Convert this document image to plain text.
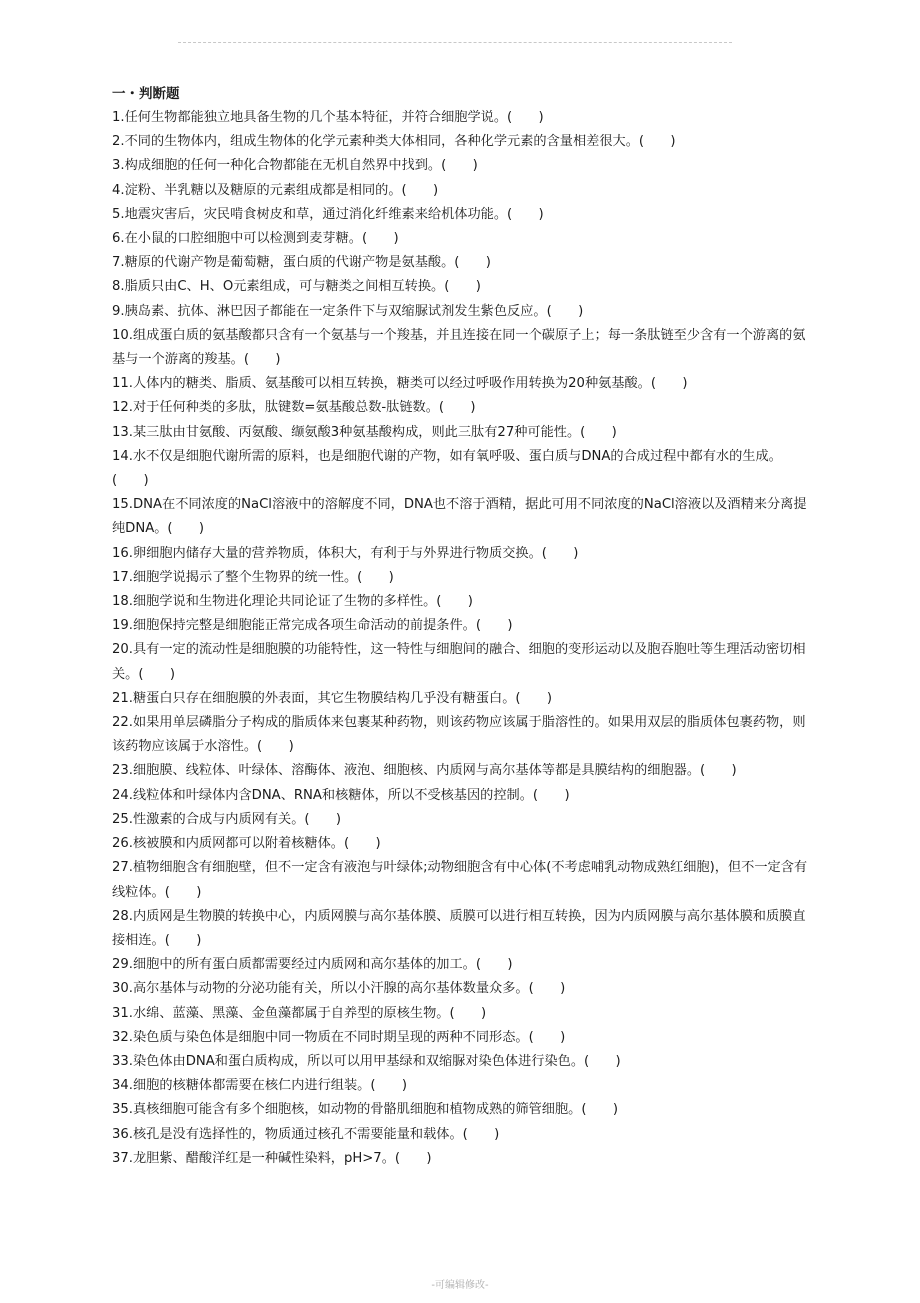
一・判断题

1.任何生物都能独立地具备生物的几个基本特征，并符合细胞学说。(　　)

2.不同的生物体内，组成生物体的化学元素种类大体相同，各种化学元素的含量相差很大。(　　)

3.构成细胞的任何一种化合物都能在无机自然界中找到。(　　)

4.淀粉、半乳糖以及糖原的元素组成都是相同的。(　　)

5.地震灾害后，灾民啃食树皮和草，通过消化纤维素来给机体功能。(　　)

6.在小鼠的口腔细胞中可以检测到麦芽糖。(　　)

7.糖原的代谢产物是葡萄糖，蛋白质的代谢产物是氨基酸。(　　)

8.脂质只由C、H、O元素组成，可与糖类之间相互转换。(　　)

9.胰岛素、抗体、淋巴因子都能在一定条件下与双缩脲试剂发生紫色反应。(　　)

10.组成蛋白质的氨基酸都只含有一个氨基与一个羧基，并且连接在同一个碳原子上；每一条肽链至少含有一个游离的氨基与一个游离的羧基。(　　)

11.人体内的糖类、脂质、氨基酸可以相互转换，糖类可以经过呼吸作用转换为20种氨基酸。(　　)

12.对于任何种类的多肽，肽键数=氨基酸总数-肽链数。(　　)

13.某三肽由甘氨酸、丙氨酸、缬氨酸3种氨基酸构成，则此三肽有27种可能性。(　　)

14.水不仅是细胞代谢所需的原料，也是细胞代谢的产物，如有氧呼吸、蛋白质与DNA的合成过程中都有水的生成。(　　)

15.DNA在不同浓度的NaCl溶液中的溶解度不同，DNA也不溶于酒精，据此可用不同浓度的NaCl溶液以及酒精来分离提纯DNA。(　　)

16.卵细胞内储存大量的营养物质，体积大，有利于与外界进行物质交换。(　　)

17.细胞学说揭示了整个生物界的统一性。(　　)

18.细胞学说和生物进化理论共同论证了生物的多样性。(　　)

19.细胞保持完整是细胞能正常完成各项生命活动的前提条件。(　　)

20.具有一定的流动性是细胞膜的功能特性，这一特性与细胞间的融合、细胞的变形运动以及胞吞胞吐等生理活动密切相关。(　　)

21.糖蛋白只存在细胞膜的外表面，其它生物膜结构几乎没有糖蛋白。(　　)

22.如果用单层磷脂分子构成的脂质体来包裹某种药物，则该药物应该属于脂溶性的。如果用双层的脂质体包裹药物，则该药物应该属于水溶性。(　　)

23.细胞膜、线粒体、叶绿体、溶酶体、液泡、细胞核、内质网与高尔基体等都是具膜结构的细胞器。(　　)

24.线粒体和叶绿体内含DNA、RNA和核糖体，所以不受核基因的控制。(　　)

25.性激素的合成与内质网有关。(　　)

26.核被膜和内质网都可以附着核糖体。(　　)

27.植物细胞含有细胞壁，但不一定含有液泡与叶绿体;动物细胞含有中心体(不考虑哺乳动物成熟红细胞)，但不一定含有线粒体。(　　)

28.内质网是生物膜的转换中心，内质网膜与高尔基体膜、质膜可以进行相互转换，因为内质网膜与高尔基体膜和质膜直接相连。(　　)

29.细胞中的所有蛋白质都需要经过内质网和高尔基体的加工。(　　)

30.高尔基体与动物的分泌功能有关，所以小汗腺的高尔基体数量众多。(　　)

31.水绵、蓝藻、黑藻、金鱼藻都属于自养型的原核生物。(　　)

32.染色质与染色体是细胞中同一物质在不同时期呈现的两种不同形态。(　　)

33.染色体由DNA和蛋白质构成，所以可以用甲基绿和双缩脲对染色体进行染色。(　　)

34.细胞的核糖体都需要在核仁内进行组装。(　　)

35.真核细胞可能含有多个细胞核，如动物的骨骼肌细胞和植物成熟的筛管细胞。(　　)

36.核孔是没有选择性的，物质通过核孔不需要能量和载体。(　　)

37.龙胆紫、醋酸洋红是一种碱性染料，pH>7。(　　)

-可编辑修改-
